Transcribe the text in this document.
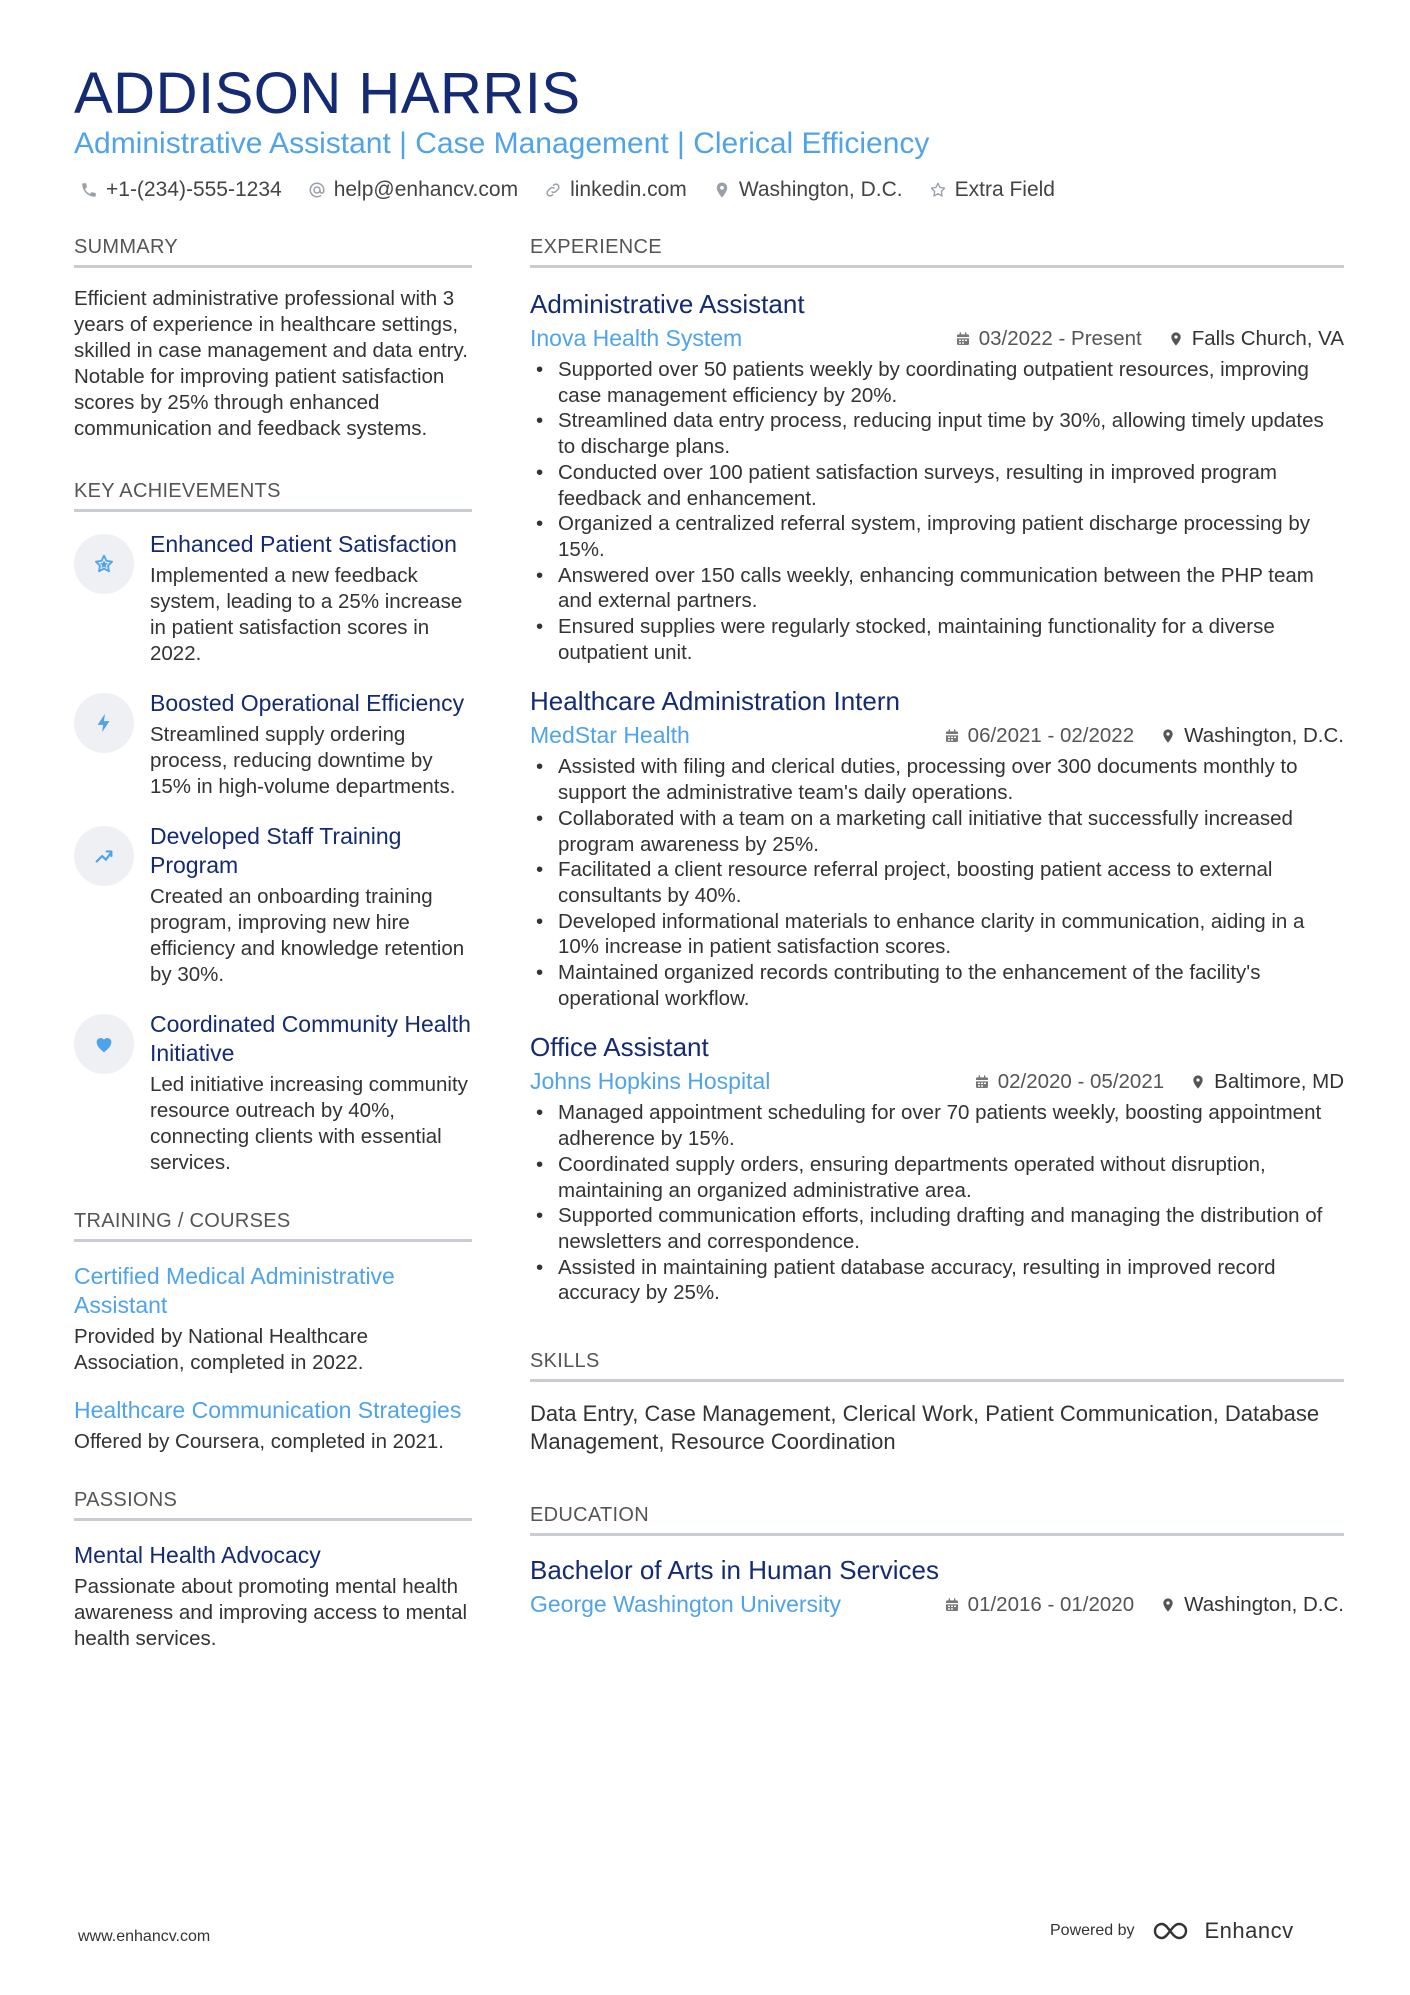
ADDISON HARRIS
Administrative Assistant | Case Management | Clerical Efficiency
+1-(234)-555-1234 help@enhancv.com linkedin.com Washington, D.C. Extra Field
SUMMARY
Efficient administrative professional with 3 years of experience in healthcare settings, skilled in case management and data entry. Notable for improving patient satisfaction scores by 25% through enhanced communication and feedback systems.
KEY ACHIEVEMENTS
Enhanced Patient Satisfaction
Implemented a new feedback system, leading to a 25% increase in patient satisfaction scores in 2022.
Boosted Operational Efficiency
Streamlined supply ordering process, reducing downtime by 15% in high-volume departments.
Developed Staff Training Program
Created an onboarding training program, improving new hire efficiency and knowledge retention by 30%.
Coordinated Community Health Initiative
Led initiative increasing community resource outreach by 40%, connecting clients with essential services.
TRAINING / COURSES
Certified Medical Administrative Assistant
Provided by National Healthcare Association, completed in 2022.
Healthcare Communication Strategies
Offered by Coursera, completed in 2021.
PASSIONS
Mental Health Advocacy
Passionate about promoting mental health awareness and improving access to mental health services.
EXPERIENCE
Administrative Assistant
Inova Health System	03/2022 - Present Falls Church, VA
• Supported over 50 patients weekly by coordinating outpatient resources, improving case management efficiency by 20%.
• Streamlined data entry process, reducing input time by 30%, allowing timely updates to discharge plans.
• Conducted over 100 patient satisfaction surveys, resulting in improved program feedback and enhancement.
• Organized a centralized referral system, improving patient discharge processing by 15%.
• Answered over 150 calls weekly, enhancing communication between the PHP team and external partners.
• Ensured supplies were regularly stocked, maintaining functionality for a diverse outpatient unit.
Healthcare Administration Intern
MedStar Health	06/2021 - 02/2022 Washington, D.C.
• Assisted with filing and clerical duties, processing over 300 documents monthly to support the administrative team's daily operations.
• Collaborated with a team on a marketing call initiative that successfully increased program awareness by 25%.
• Facilitated a client resource referral project, boosting patient access to external consultants by 40%.
• Developed informational materials to enhance clarity in communication, aiding in a 10% increase in patient satisfaction scores.
• Maintained organized records contributing to the enhancement of the facility's operational workflow.
Office Assistant
Johns Hopkins Hospital	02/2020 - 05/2021 Baltimore, MD
• Managed appointment scheduling for over 70 patients weekly, boosting appointment adherence by 15%.
• Coordinated supply orders, ensuring departments operated without disruption, maintaining an organized administrative area.
• Supported communication efforts, including drafting and managing the distribution of newsletters and correspondence.
• Assisted in maintaining patient database accuracy, resulting in improved record accuracy by 25%.
SKILLS
Data Entry, Case Management, Clerical Work, Patient Communication, Database Management, Resource Coordination
EDUCATION
Bachelor of Arts in Human Services
George Washington University	01/2016 - 01/2020 Washington, D.C.
www.enhancv.com	Powered by	Enhancv
